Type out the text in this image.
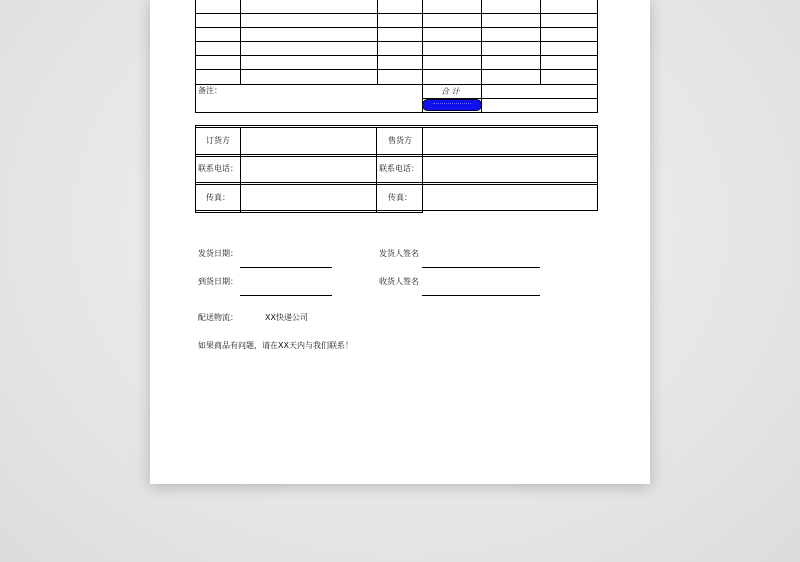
备注：	合 计
订货方	售货方
联系电话：	联系电话：
传真：	传真：
发货日期：	发货人签名
到货日期：	收货人签名
配送物流：	XX快递公司
如果商品有问题，请在XX天内与我们联系！
